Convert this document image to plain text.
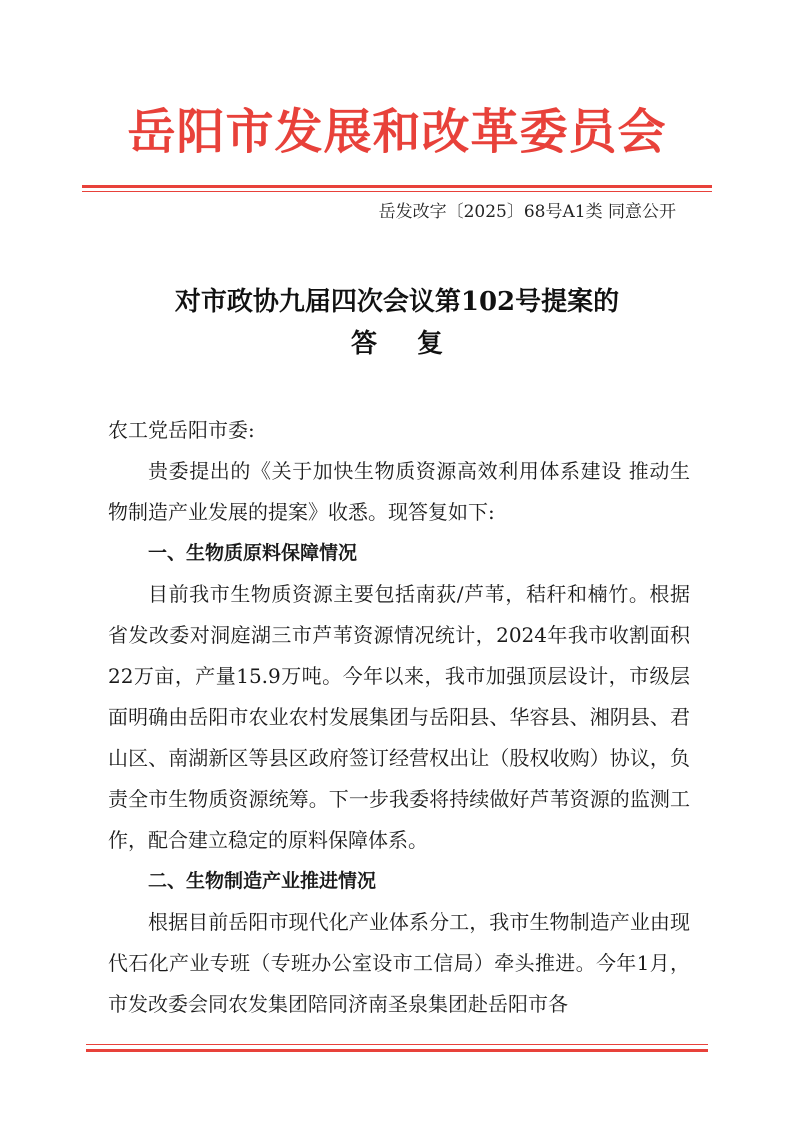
岳阳市发展和改革委员会
岳发改字〔2025〕68号A1类 同意公开
对市政协九届四次会议第102号提案的
答复

农工党岳阳市委:

贵委提出的《关于加快生物质资源高效利用体系建设 推动生物制造产业发展的提案》收悉。现答复如下:

一、生物质原料保障情况

目前我市生物质资源主要包括南荻/芦苇，秸秆和楠竹。根据省发改委对洞庭湖三市芦苇资源情况统计，2024年我市收割面积22万亩，产量15.9万吨。今年以来，我市加强顶层设计，市级层面明确由岳阳市农业农村发展集团与岳阳县、华容县、湘阴县、君山区、南湖新区等县区政府签订经营权出让（股权收购）协议，负责全市生物质资源统筹。下一步我委将持续做好芦苇资源的监测工作，配合建立稳定的原料保障体系。

二、生物制造产业推进情况

根据目前岳阳市现代化产业体系分工，我市生物制造产业由现代石化产业专班（专班办公室设市工信局）牵头推进。今年1月，市发改委会同农发集团陪同济南圣泉集团赴岳阳市各
